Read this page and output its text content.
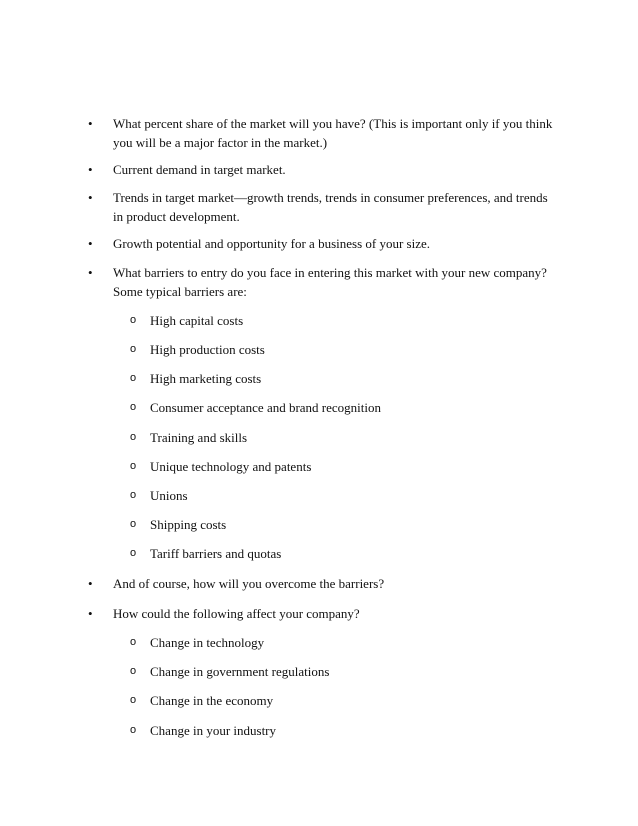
• What percent share of the market will you have? (This is important only if you think you will be a major factor in the market.)
• Current demand in target market.
• Trends in target market—growth trends, trends in consumer preferences, and trends in product development.
• Growth potential and opportunity for a business of your size.
• What barriers to entry do you face in entering this market with your new company? Some typical barriers are:
o High capital costs
o High production costs
o High marketing costs
o Consumer acceptance and brand recognition
o Training and skills
o Unique technology and patents
o Unions
o Shipping costs
o Tariff barriers and quotas
• And of course, how will you overcome the barriers?
• How could the following affect your company?
o Change in technology
o Change in government regulations
o Change in the economy
o Change in your industry
